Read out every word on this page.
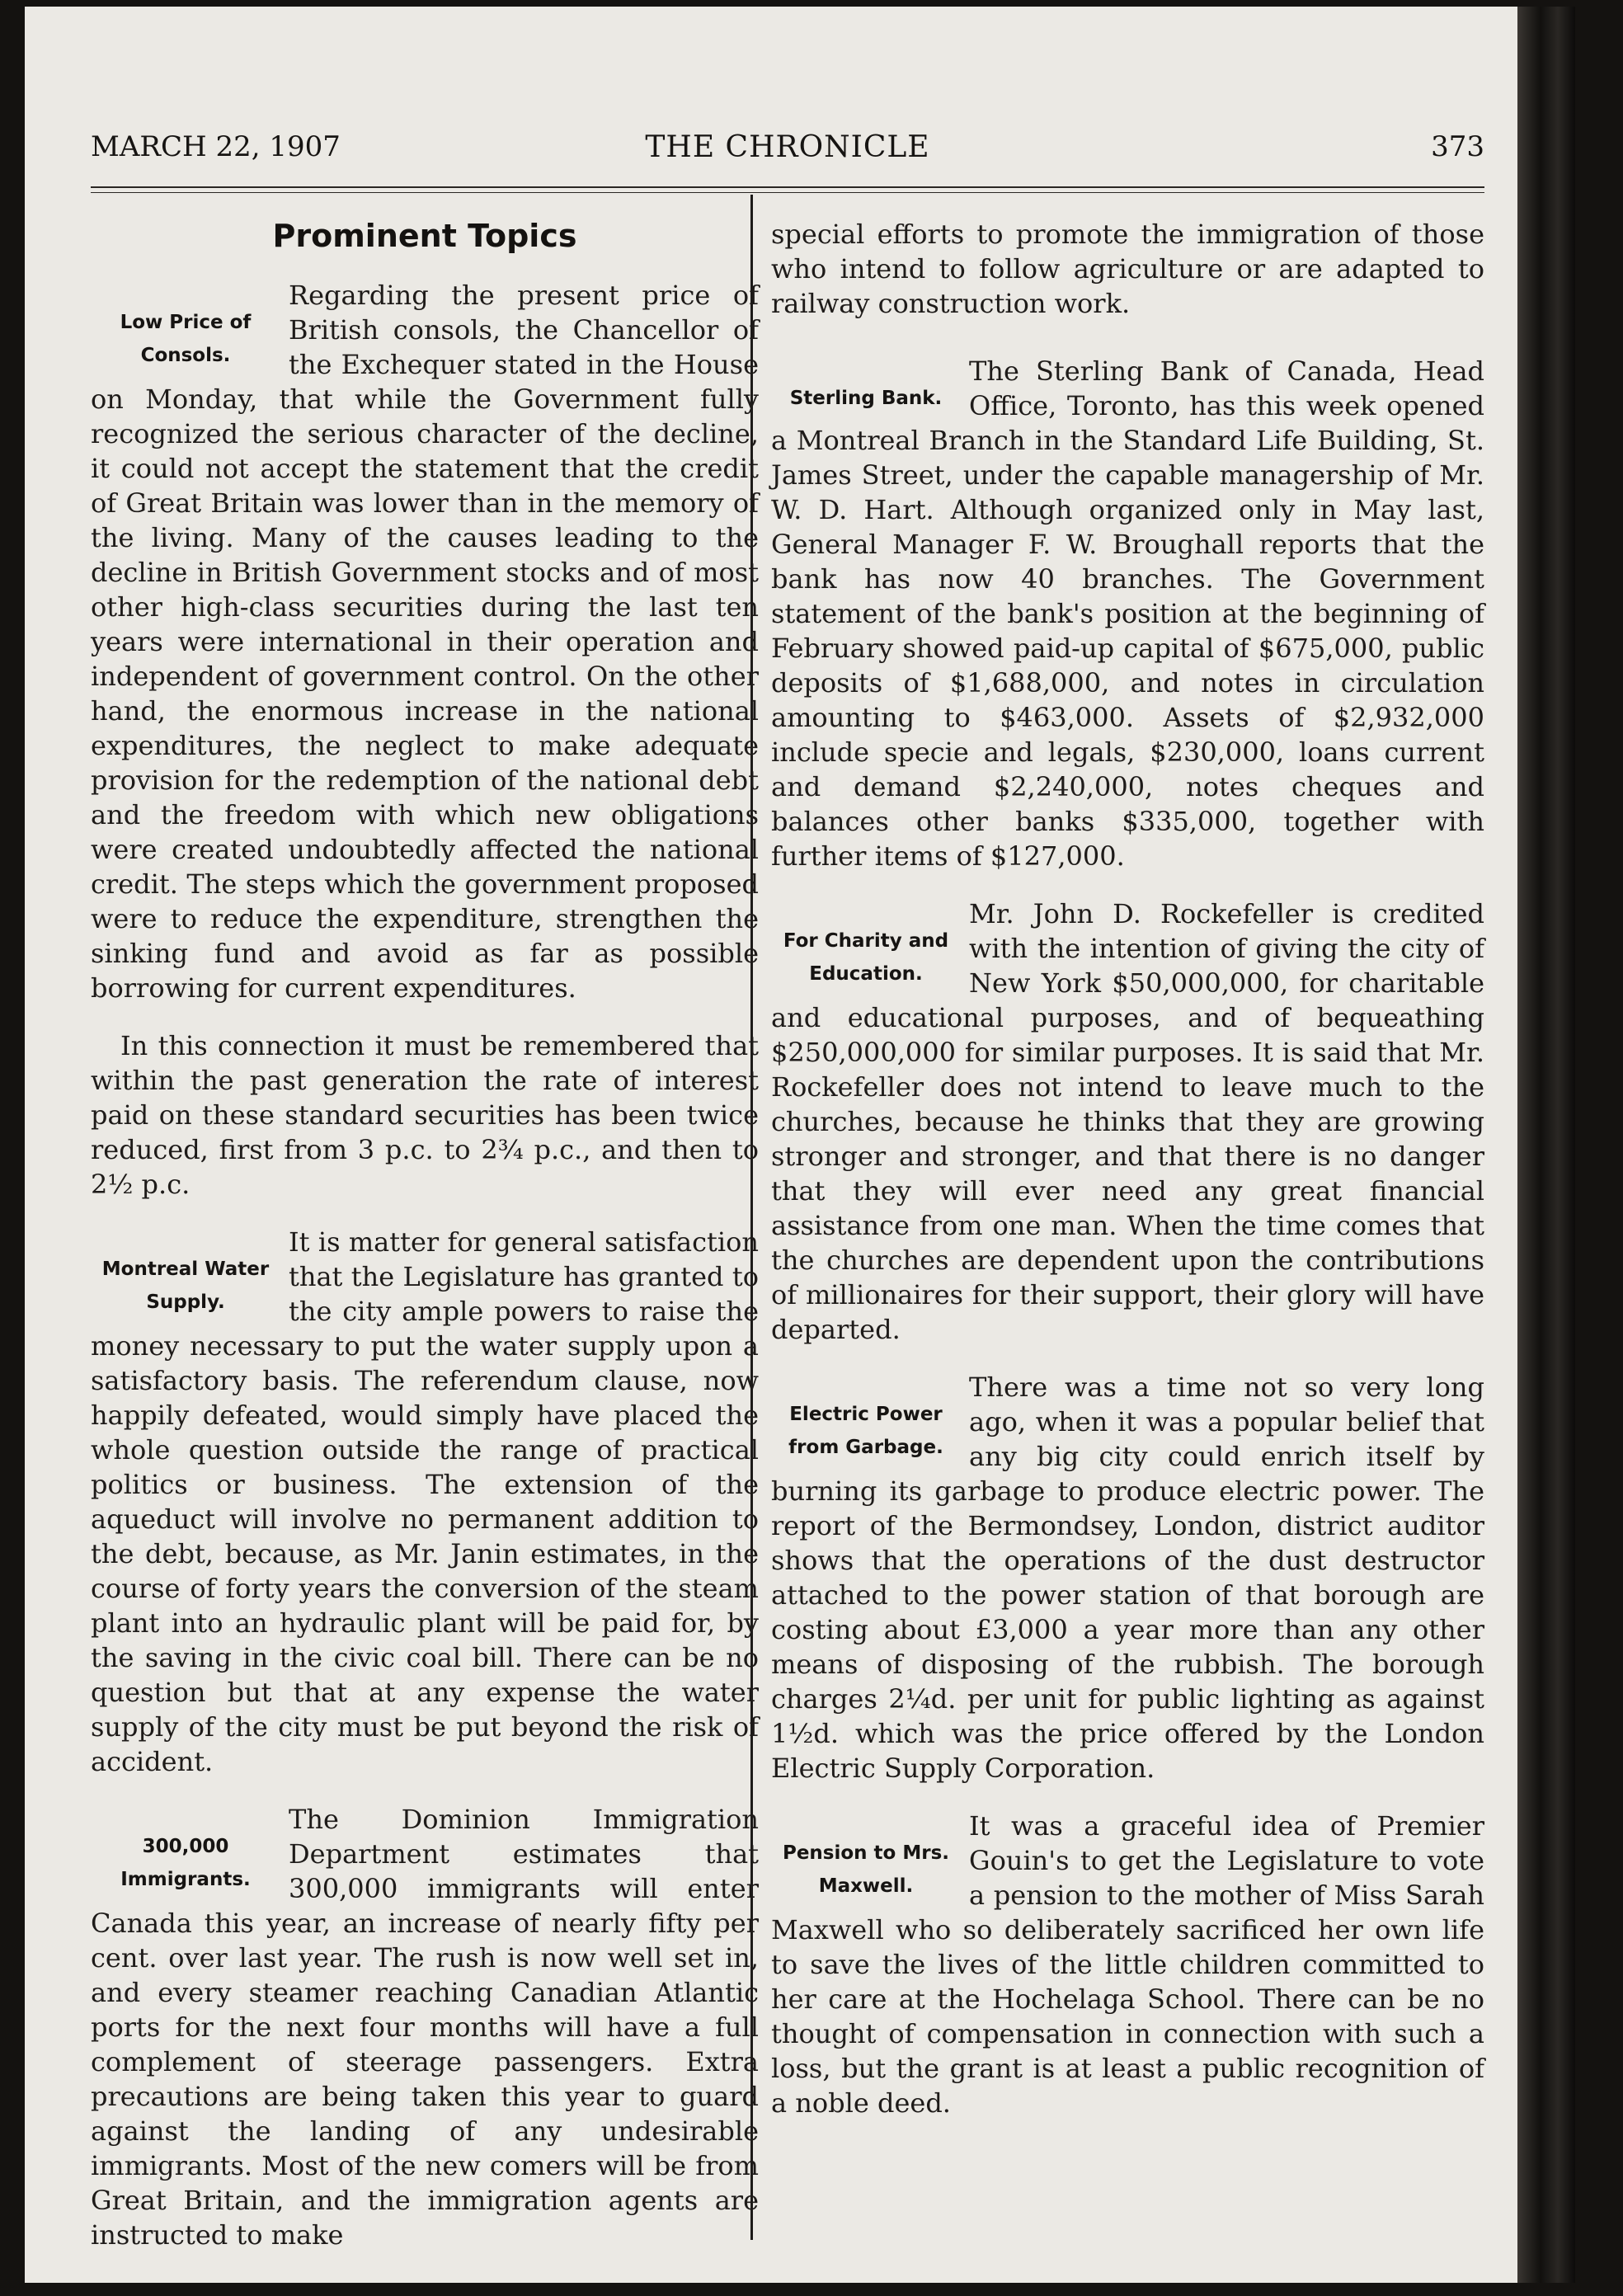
MARCH 22, 1907	THE CHRONICLE	373
Prominent Topics
Low Price of
Consols.

Regarding the present price of British consols, the Chancellor of the Exchequer stated in the House on Monday, that while the Government fully recognized the serious character of the decline, it could not accept the statement that the credit of Great Britain was lower than in the memory of the living. Many of the causes leading to the decline in British Government stocks and of most other high-class securities during the last ten years were international in their operation and independent of government control. On the other hand, the enormous increase in the national expenditures, the neglect to make adequate provision for the redemption of the national debt and the freedom with which new obligations were created undoubtedly affected the national credit. The steps which the government proposed were to reduce the expenditure, strengthen the sinking fund and avoid as far as possible borrowing for current expenditures.

In this connection it must be remembered that within the past generation the rate of interest paid on these standard securities has been twice reduced, first from 3 p.c. to 2¾ p.c., and then to 2½ p.c.

Montreal Water
Supply.

It is matter for general satisfaction that the Legislature has granted to the city ample powers to raise the money necessary to put the water supply upon a satisfactory basis. The referendum clause, now happily defeated, would simply have placed the whole question outside the range of practical politics or business. The extension of the aqueduct will involve no permanent addition to the debt, because, as Mr. Janin estimates, in the course of forty years the conversion of the steam plant into an hydraulic plant will be paid for, by the saving in the civic coal bill. There can be no question but that at any expense the water supply of the city must be put beyond the risk of accident.

300,000
Immigrants.

The Dominion Immigration Department estimates that 300,000 immigrants will enter Canada this year, an increase of nearly fifty per cent. over last year. The rush is now well set in, and every steamer reaching Canadian Atlantic ports for the next four months will have a full complement of steerage passengers. Extra precautions are being taken this year to guard against the landing of any undesirable immigrants. Most of the new comers will be from Great Britain, and the immigration agents are instructed to make

special efforts to promote the immigration of those who intend to follow agriculture or are adapted to railway construction work.

Sterling Bank.

The Sterling Bank of Canada, Head Office, Toronto, has this week opened a Montreal Branch in the Standard Life Building, St. James Street, under the capable managership of Mr. W. D. Hart. Although organized only in May last, General Manager F. W. Broughall reports that the bank has now 40 branches. The Government statement of the bank's position at the beginning of February showed paid-up capital of $675,000, public deposits of $1,688,000, and notes in circulation amounting to $463,000. Assets of $2,932,000 include specie and legals, $230,000, loans current and demand $2,240,000, notes cheques and balances other banks $335,000, together with further items of $127,000.

For Charity and
Education.

Mr. John D. Rockefeller is credited with the intention of giving the city of New York $50,000,000, for charitable and educational purposes, and of bequeathing $250,000,000 for similar purposes. It is said that Mr. Rockefeller does not intend to leave much to the churches, because he thinks that they are growing stronger and stronger, and that there is no danger that they will ever need any great financial assistance from one man. When the time comes that the churches are dependent upon the contributions of millionaires for their support, their glory will have departed.

Electric Power
from Garbage.

There was a time not so very long ago, when it was a popular belief that any big city could enrich itself by burning its garbage to produce electric power. The report of the Bermondsey, London, district auditor shows that the operations of the dust destructor attached to the power station of that borough are costing about £3,000 a year more than any other means of disposing of the rubbish. The borough charges 2¼d. per unit for public lighting as against 1½d. which was the price offered by the London Electric Supply Corporation.

Pension to Mrs.
Maxwell.

It was a graceful idea of Premier Gouin's to get the Legislature to vote a pension to the mother of Miss Sarah Maxwell who so deliberately sacrificed her own life to save the lives of the little children committed to her care at the Hochelaga School. There can be no thought of compensation in connection with such a loss, but the grant is at least a public recognition of a noble deed.
